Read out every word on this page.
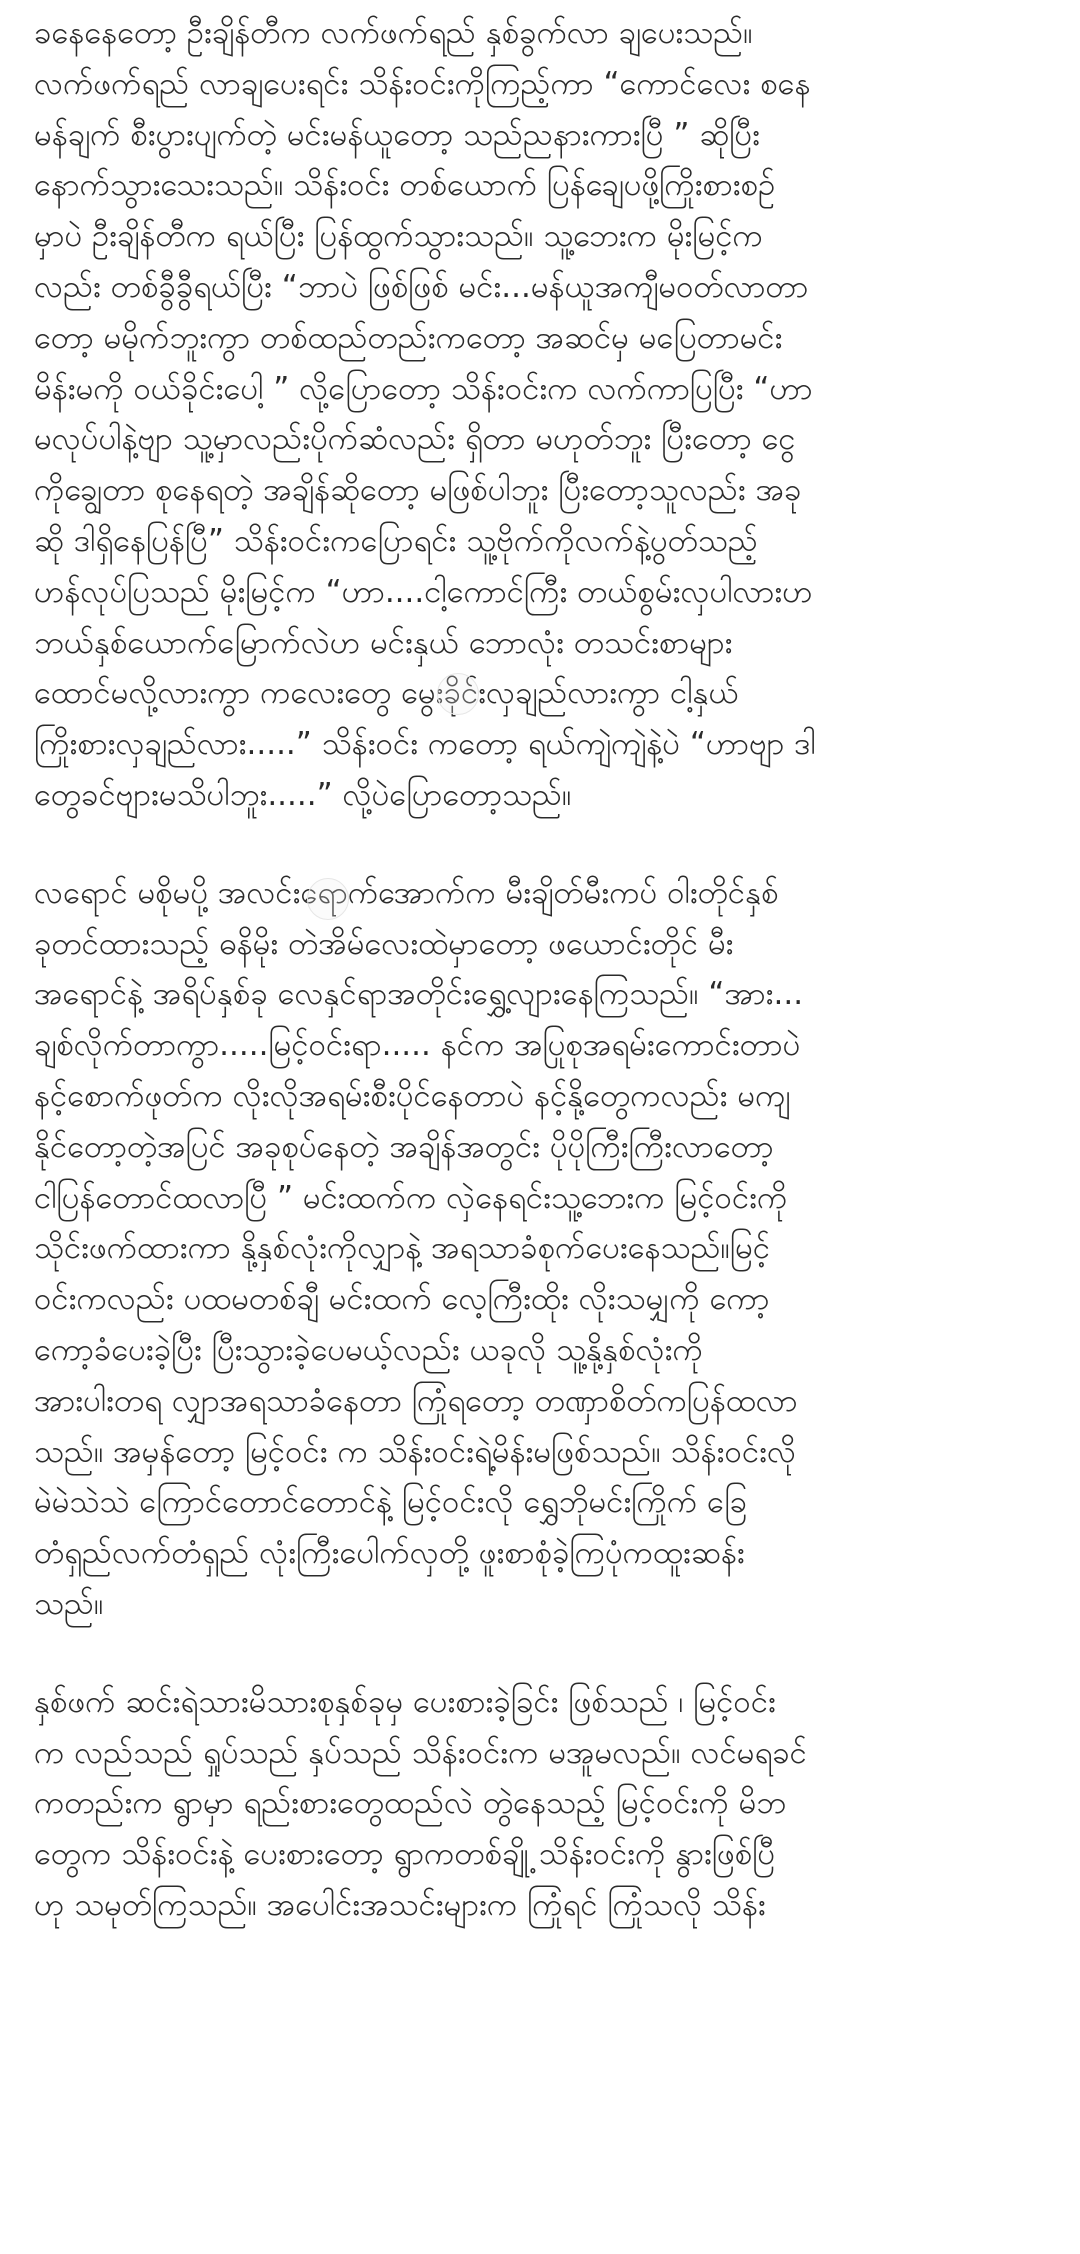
ခနေနေတော့ ဦးချိန်တီက လက်ဖက်ရည် နှစ်ခွက်လာ ချပေးသည်။
လက်ဖက်ရည် လာချပေးရင်း သိန်းဝင်းကိုကြည့်ကာ “ကောင်လေး စနေ
မန်ချက် စီးပွားပျက်တဲ့ မင်းမန်ယူတော့ သည်ညနားကားပြီ ” ဆိုပြီး
နောက်သွားသေးသည်။ သိန်းဝင်း တစ်ယောက် ပြန်ချေပဖို့ကြိုးစားစဉ်
မှာပဲ ဦးချိန်တီက ရယ်ပြီး ပြန်ထွက်သွားသည်။ သူ့ဘေးက မိုးမြင့်က
လည်း တစ်ခွီခွီရယ်ပြီး “ဘာပဲ ဖြစ်ဖြစ် မင်း...မန်ယူအကျီမဝတ်လာတာ
တော့ မမိုက်ဘူးကွာ တစ်ထည်တည်းကတော့ အဆင်မှ မပြေတာမင်း
မိန်းမကို ဝယ်ခိုင်းပေါ့ ” လို့ပြောတော့ သိန်းဝင်းက လက်ကာပြပြီး “ဟာ
မလုပ်ပါနဲ့ဗျာ သူ့မှာလည်းပိုက်ဆံလည်း ရှိတာ မဟုတ်ဘူး ပြီးတော့ ငွေ
ကိုချွေတာ စုနေရတဲ့ အချိန်ဆိုတော့ မဖြစ်ပါဘူး ပြီးတော့သူလည်း အခု
ဆို ဒါရှိနေပြန်ပြီ” သိန်းဝင်းကပြောရင်း သူ့ဗိုက်ကိုလက်နဲ့ပွတ်သည့်
ဟန်လုပ်ပြသည် မိုးမြင့်က “ဟာ....ငါ့ကောင်ကြီး တယ်စွမ်းလှပါလားဟ
ဘယ်နှစ်ယောက်မြောက်လဲဟ မင်းနှယ် ဘောလုံး တသင်းစာများ
ထောင်မလို့လားကွာ ကလေးတွေ မွေးခိုင်းလှချည်လားကွာ ငါ့နှယ်
ကြိုးစားလှချည်လား.....” သိန်းဝင်း ကတော့ ရယ်ကျဲကျဲနဲ့ပဲ “ဟာဗျာ ဒါ
တွေခင်ဗျားမသိပါဘူး.....” လို့ပဲပြောတော့သည်။
လရောင် မစိုမပို့ အလင်းရောက်အောက်က မီးချိတ်မီးကပ် ဝါးတိုင်နှစ်
ခုတင်ထားသည့် ဓနိမိုး တဲအိမ်လေးထဲမှာတော့ ဖယောင်းတိုင် မီး
အရောင်နဲ့ အရိပ်နှစ်ခု လေနှင်ရာအတိုင်းရွှေ့လျားနေကြသည်။ “အား...
ချစ်လိုက်တာကွာ.....မြင့်ဝင်းရာ..... နင်က အပြုစုအရမ်းကောင်းတာပဲ
နင့်စောက်ဖုတ်က လိုးလိုအရမ်းစီးပိုင်နေတာပဲ နင့်နို့တွေကလည်း မကျ
နိုင်တော့တဲ့အပြင် အခုစုပ်နေတဲ့ အချိန်အတွင်း ပိုပိုကြီးကြီးလာတော့
ငါပြန်တောင်ထလာပြီ ” မင်းထက်က လှဲနေရင်းသူ့ဘေးက မြင့်ဝင်းကို
သိုင်းဖက်ထားကာ နို့နှစ်လုံးကိုလျှာနဲ့ အရသာခံစုက်ပေးနေသည်။မြင့်
ဝင်းကလည်း ပထမတစ်ချီ မင်းထက် လေ့ကြီးထိုး လိုးသမျှကို ကော့
ကော့ခံပေးခဲ့ပြီး ပြီးသွားခဲ့ပေမယ့်လည်း ယခုလို သူ့နို့နှစ်လုံးကို
အားပါးတရ လျှာအရသာခံနေတာ ကြုံရတော့ တဏှာစိတ်ကပြန်ထလာ
သည်။ အမှန်တော့ မြင့်ဝင်း က သိန်းဝင်းရဲ့မိန်းမဖြစ်သည်။ သိန်းဝင်းလို
မဲမဲသဲသဲ ကြောင်တောင်တောင်နဲ့ မြင့်ဝင်းလို ရွှေဘိုမင်းကြိုက် ခြေ
တံရှည်လက်တံရှည် လုံးကြီးပေါက်လှတို့ ဖူးစာစုံခဲ့ကြပုံကထူးဆန်း
သည်။
နှစ်ဖက် ဆင်းရဲသားမိသားစုနှစ်ခုမှ ပေးစားခဲ့ခြင်း ဖြစ်သည် ၊ မြင့်ဝင်း
က လည်သည် ရှုပ်သည် နှပ်သည် သိန်းဝင်းက မအူမလည်။ လင်မရခင်
ကတည်းက ရွာမှာ ရည်းစားတွေထည်လဲ တွဲနေသည့် မြင့်ဝင်းကို မိဘ
တွေက သိန်းဝင်းနဲ့ ပေးစားတော့ ရွာကတစ်ချို့ သိန်းဝင်းကို နွားဖြစ်ပြီ
ဟု သမုတ်ကြသည်။ အပေါင်းအသင်းများက ကြုံရင် ကြုံသလို သိန်း
